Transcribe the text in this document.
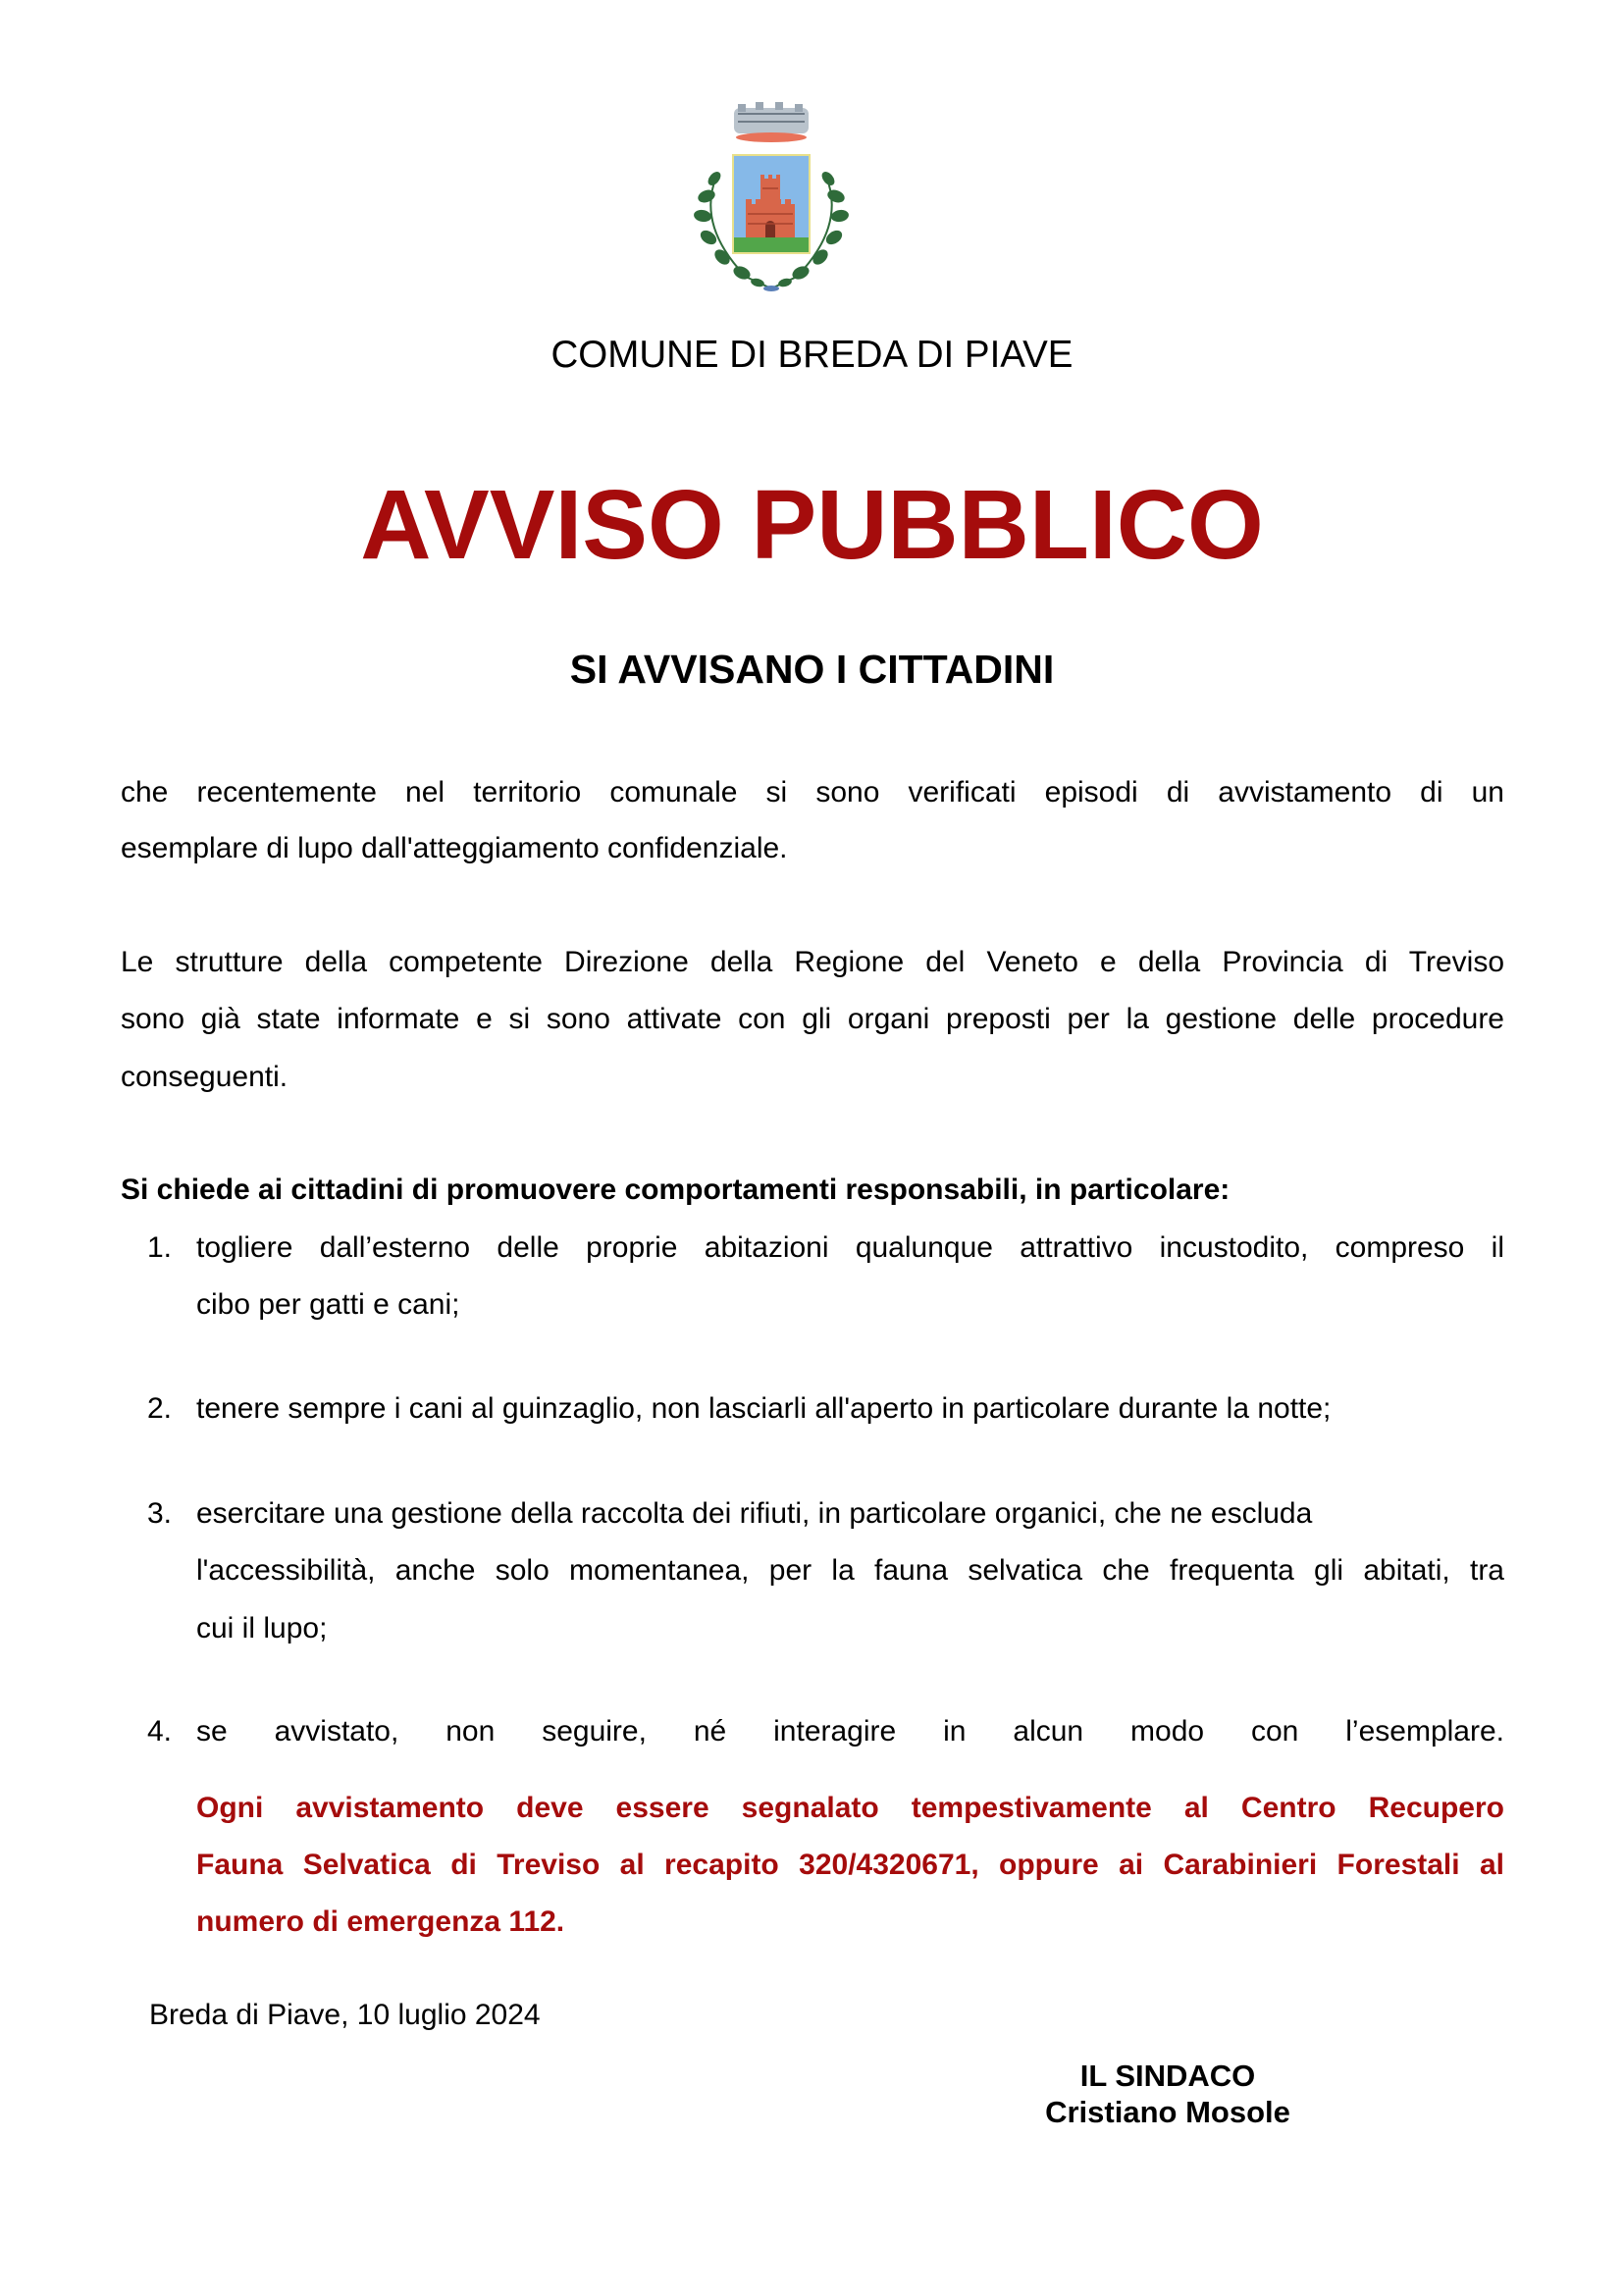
COMUNE DI BREDA DI PIAVE
AVVISO PUBBLICO
SI AVVISANO I CITTADINI
che recentemente nel territorio comunale si sono verificati episodi di avvistamento di un
esemplare di lupo dall'atteggiamento confidenziale.
Le strutture della competente Direzione della Regione del Veneto e della Provincia di Treviso
sono già state informate e si sono attivate con gli organi preposti per la gestione delle procedure
conseguenti.
Si chiede ai cittadini di promuovere comportamenti responsabili, in particolare:
1. togliere dall’esterno delle proprie abitazioni qualunque attrattivo incustodito, compreso il
cibo per gatti e cani;
2. tenere sempre i cani al guinzaglio, non lasciarli all'aperto in particolare durante la notte;
3. esercitare una gestione della raccolta dei rifiuti, in particolare organici, che ne escluda
l'accessibilità, anche solo momentanea, per la fauna selvatica che frequenta gli abitati, tra
cui il lupo;
4. se avvistato, non seguire, né interagire in alcun modo con l’esemplare.
Ogni avvistamento deve essere segnalato tempestivamente al Centro Recupero
Fauna Selvatica di Treviso al recapito 320/4320671, oppure ai Carabinieri Forestali al
numero di emergenza 112.
Breda di Piave, 10 luglio 2024
IL SINDACO
Cristiano Mosole
